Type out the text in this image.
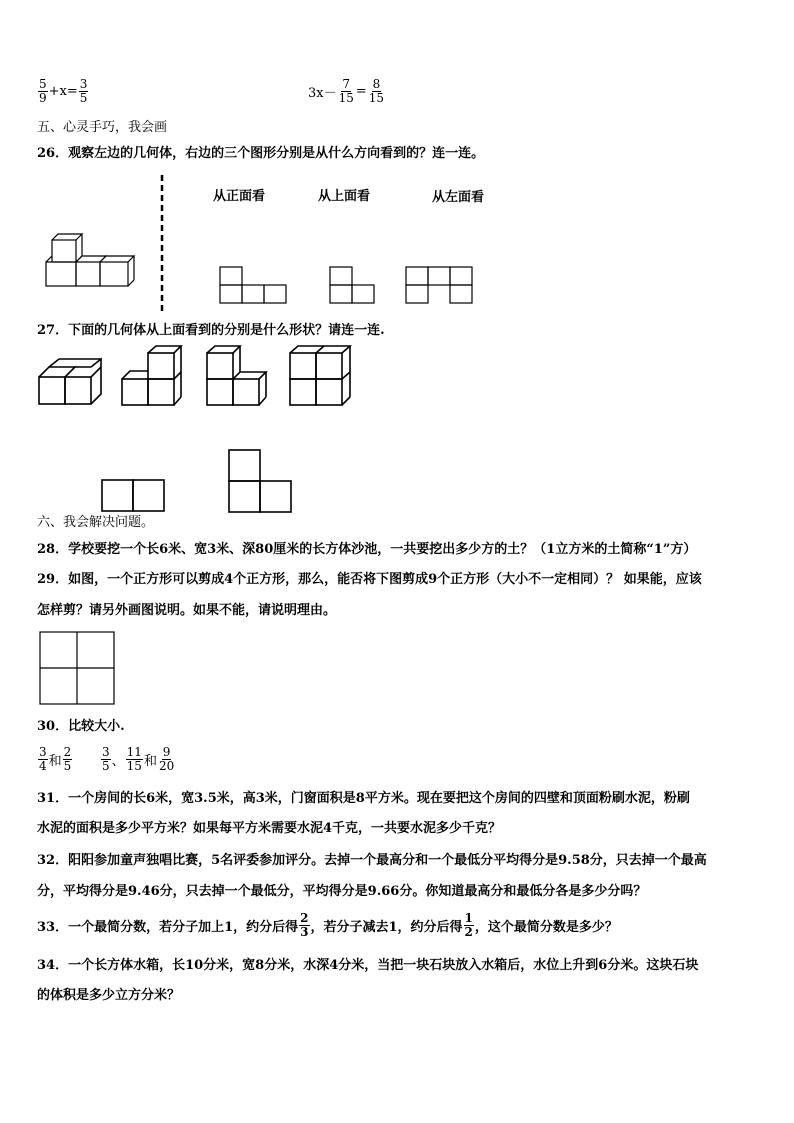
$\frac{5}{9} +x= \frac{3}{5}$	$3x- \frac{7}{15} = \frac{8}{15}$
五、心灵手巧，我会画
26．观察左边的几何体，右边的三个图形分别是从什么方向看到的？连一连。
从正面看	从上面看	从左面看
27．下面的几何体从上面看到的分别是什么形状？请连一连.
六、我会解决问题。
28．学校要挖一个长6米、宽3米、深80厘米的长方体沙池，一共要挖出多少方的土？（1立方米的土简称“1”方）
29．如图，一个正方形可以剪成4个正方形，那么，能否将下图剪成9个正方形（大小不一定相同）？ 如果能，应该
怎样剪？请另外画图说明。如果不能，请说明理由。
30．比较大小.
$\frac{3}{4}$ 和 $\frac{2}{5} \frac{3}{5}$ 、 $\frac{11}{15}$ 和 $\frac{9}{20}$
31．一个房间的长6米，宽3.5米，高3米，门窗面积是8平方米。现在要把这个房间的四壁和顶面粉刷水泥，粉刷
水泥的面积是多少平方米？如果每平方米需要水泥4千克，一共要水泥多少千克？
32．阳阳参加童声独唱比赛，5名评委参加评分。去掉一个最高分和一个最低分平均得分是9.58分，只去掉一个最高
分，平均得分是9.46分，只去掉一个最低分，平均得分是9.66分。你知道最高分和最低分各是多少分吗？
33．一个最简分数，若分子加上1，约分后得 $\frac{2}{3}$ ，若分子减去1，约分后得 $\frac{1}{2}$ ，这个最简分数是多少？
34．一个长方体水箱，长10分米，宽8分米，水深4分米，当把一块石块放入水箱后，水位上升到6分米。这块石块
的体积是多少立方分米？
